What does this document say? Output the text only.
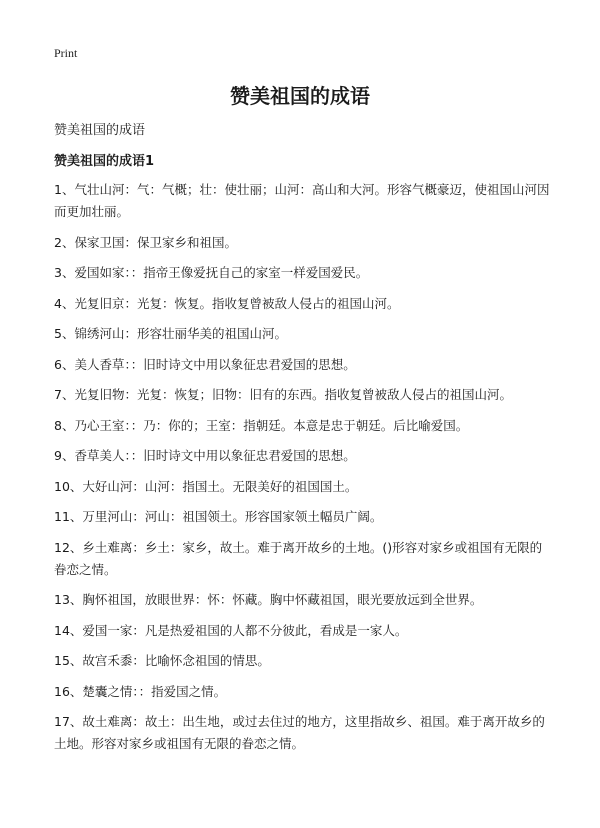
Print
赞美祖国的成语
赞美祖国的成语
赞美祖国的成语1
1、气壮山河：气：气概；壮：使壮丽；山河：高山和大河。形容气概豪迈，使祖国山河因而更加壮丽。
2、保家卫国：保卫家乡和祖国。
3、爱国如家：：指帝王像爱抚自己的家室一样爱国爱民。
4、光复旧京：光复：恢复。指收复曾被敌人侵占的祖国山河。
5、锦绣河山：形容壮丽华美的祖国山河。
6、美人香草：：旧时诗文中用以象征忠君爱国的思想。
7、光复旧物：光复：恢复；旧物：旧有的东西。指收复曾被敌人侵占的祖国山河。
8、乃心王室：：乃：你的；王室：指朝廷。本意是忠于朝廷。后比喻爱国。
9、香草美人：：旧时诗文中用以象征忠君爱国的思想。
10、大好山河：山河：指国土。无限美好的祖国国土。
11、万里河山：河山：祖国领土。形容国家领土幅员广阔。
12、乡土难离：乡土：家乡，故土。难于离开故乡的土地。()形容对家乡或祖国有无限的眷恋之情。
13、胸怀祖国，放眼世界：怀：怀藏。胸中怀藏祖国，眼光要放远到全世界。
14、爱国一家：凡是热爱祖国的人都不分彼此，看成是一家人。
15、故宫禾黍：比喻怀念祖国的情思。
16、楚囊之情：：指爱国之情。
17、故土难离：故土：出生地，或过去住过的地方，这里指故乡、祖国。难于离开故乡的土地。形容对家乡或祖国有无限的眷恋之情。
